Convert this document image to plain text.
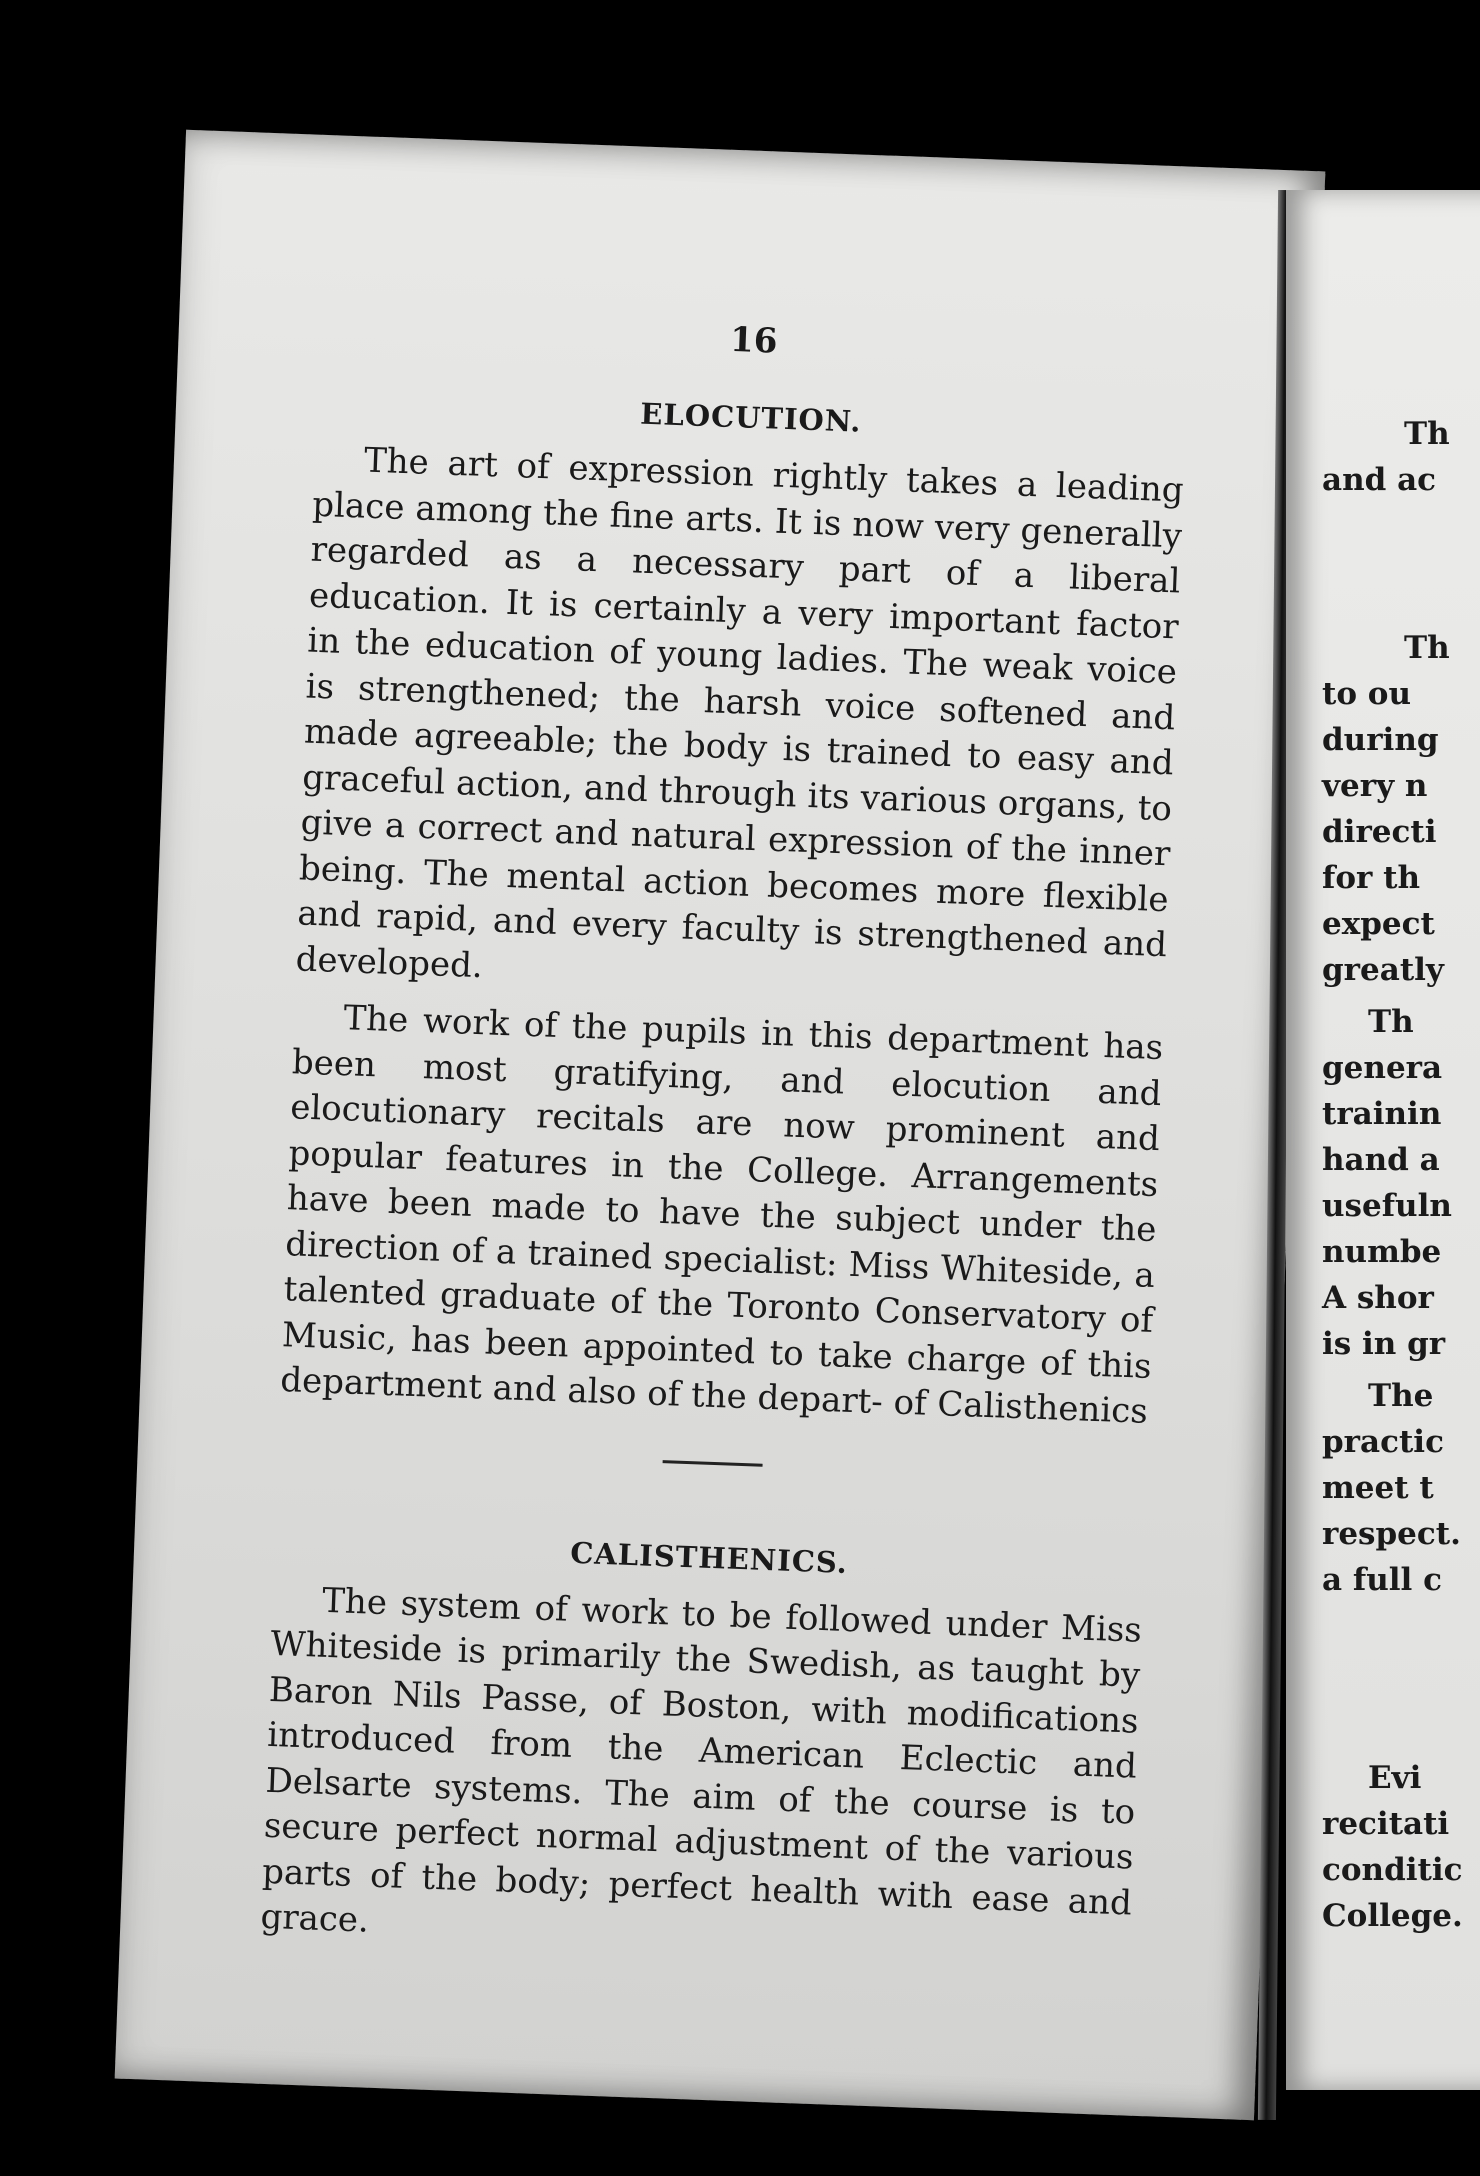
16
ELOCUTION.

The art of expression rightly takes a leading place among the fine arts. It is now very generally regarded as a necessary part of a liberal education. It is certainly a very important factor in the education of young ladies. The weak voice is strengthened; the harsh voice softened and made agreeable; the body is trained to easy and graceful action, and through its various organs, to give a correct and natural expression of the inner being. The mental action becomes more flexible and rapid, and every faculty is strengthened and developed.

The work of the pupils in this department has been most gratifying, and elocution and elocutionary recitals are now prominent and popular features in the College. Arrangements have been made to have the subject under the direction of a trained specialist: Miss Whiteside, a talented graduate of the Toronto Conservatory of Music, has been appointed to take charge of this department and also of the depart- of Calisthenics

CALISTHENICS.

The system of work to be followed under Miss Whiteside is primarily the Swedish, as taught by Baron Nils Passe, of Boston, with modifications introduced from the American Eclectic and Delsarte systems. The aim of the course is to secure perfect normal adjustment of the various parts of the body; perfect health with ease and grace.

Th
and ac
Th
to ou
during
very n
directi
for th
expect
greatly
Th
genera
trainin
hand a
usefuln
numbe
A shor
is in gr
The
practic
meet t
respect.
a full c
Evi
recitati
conditic
College.
